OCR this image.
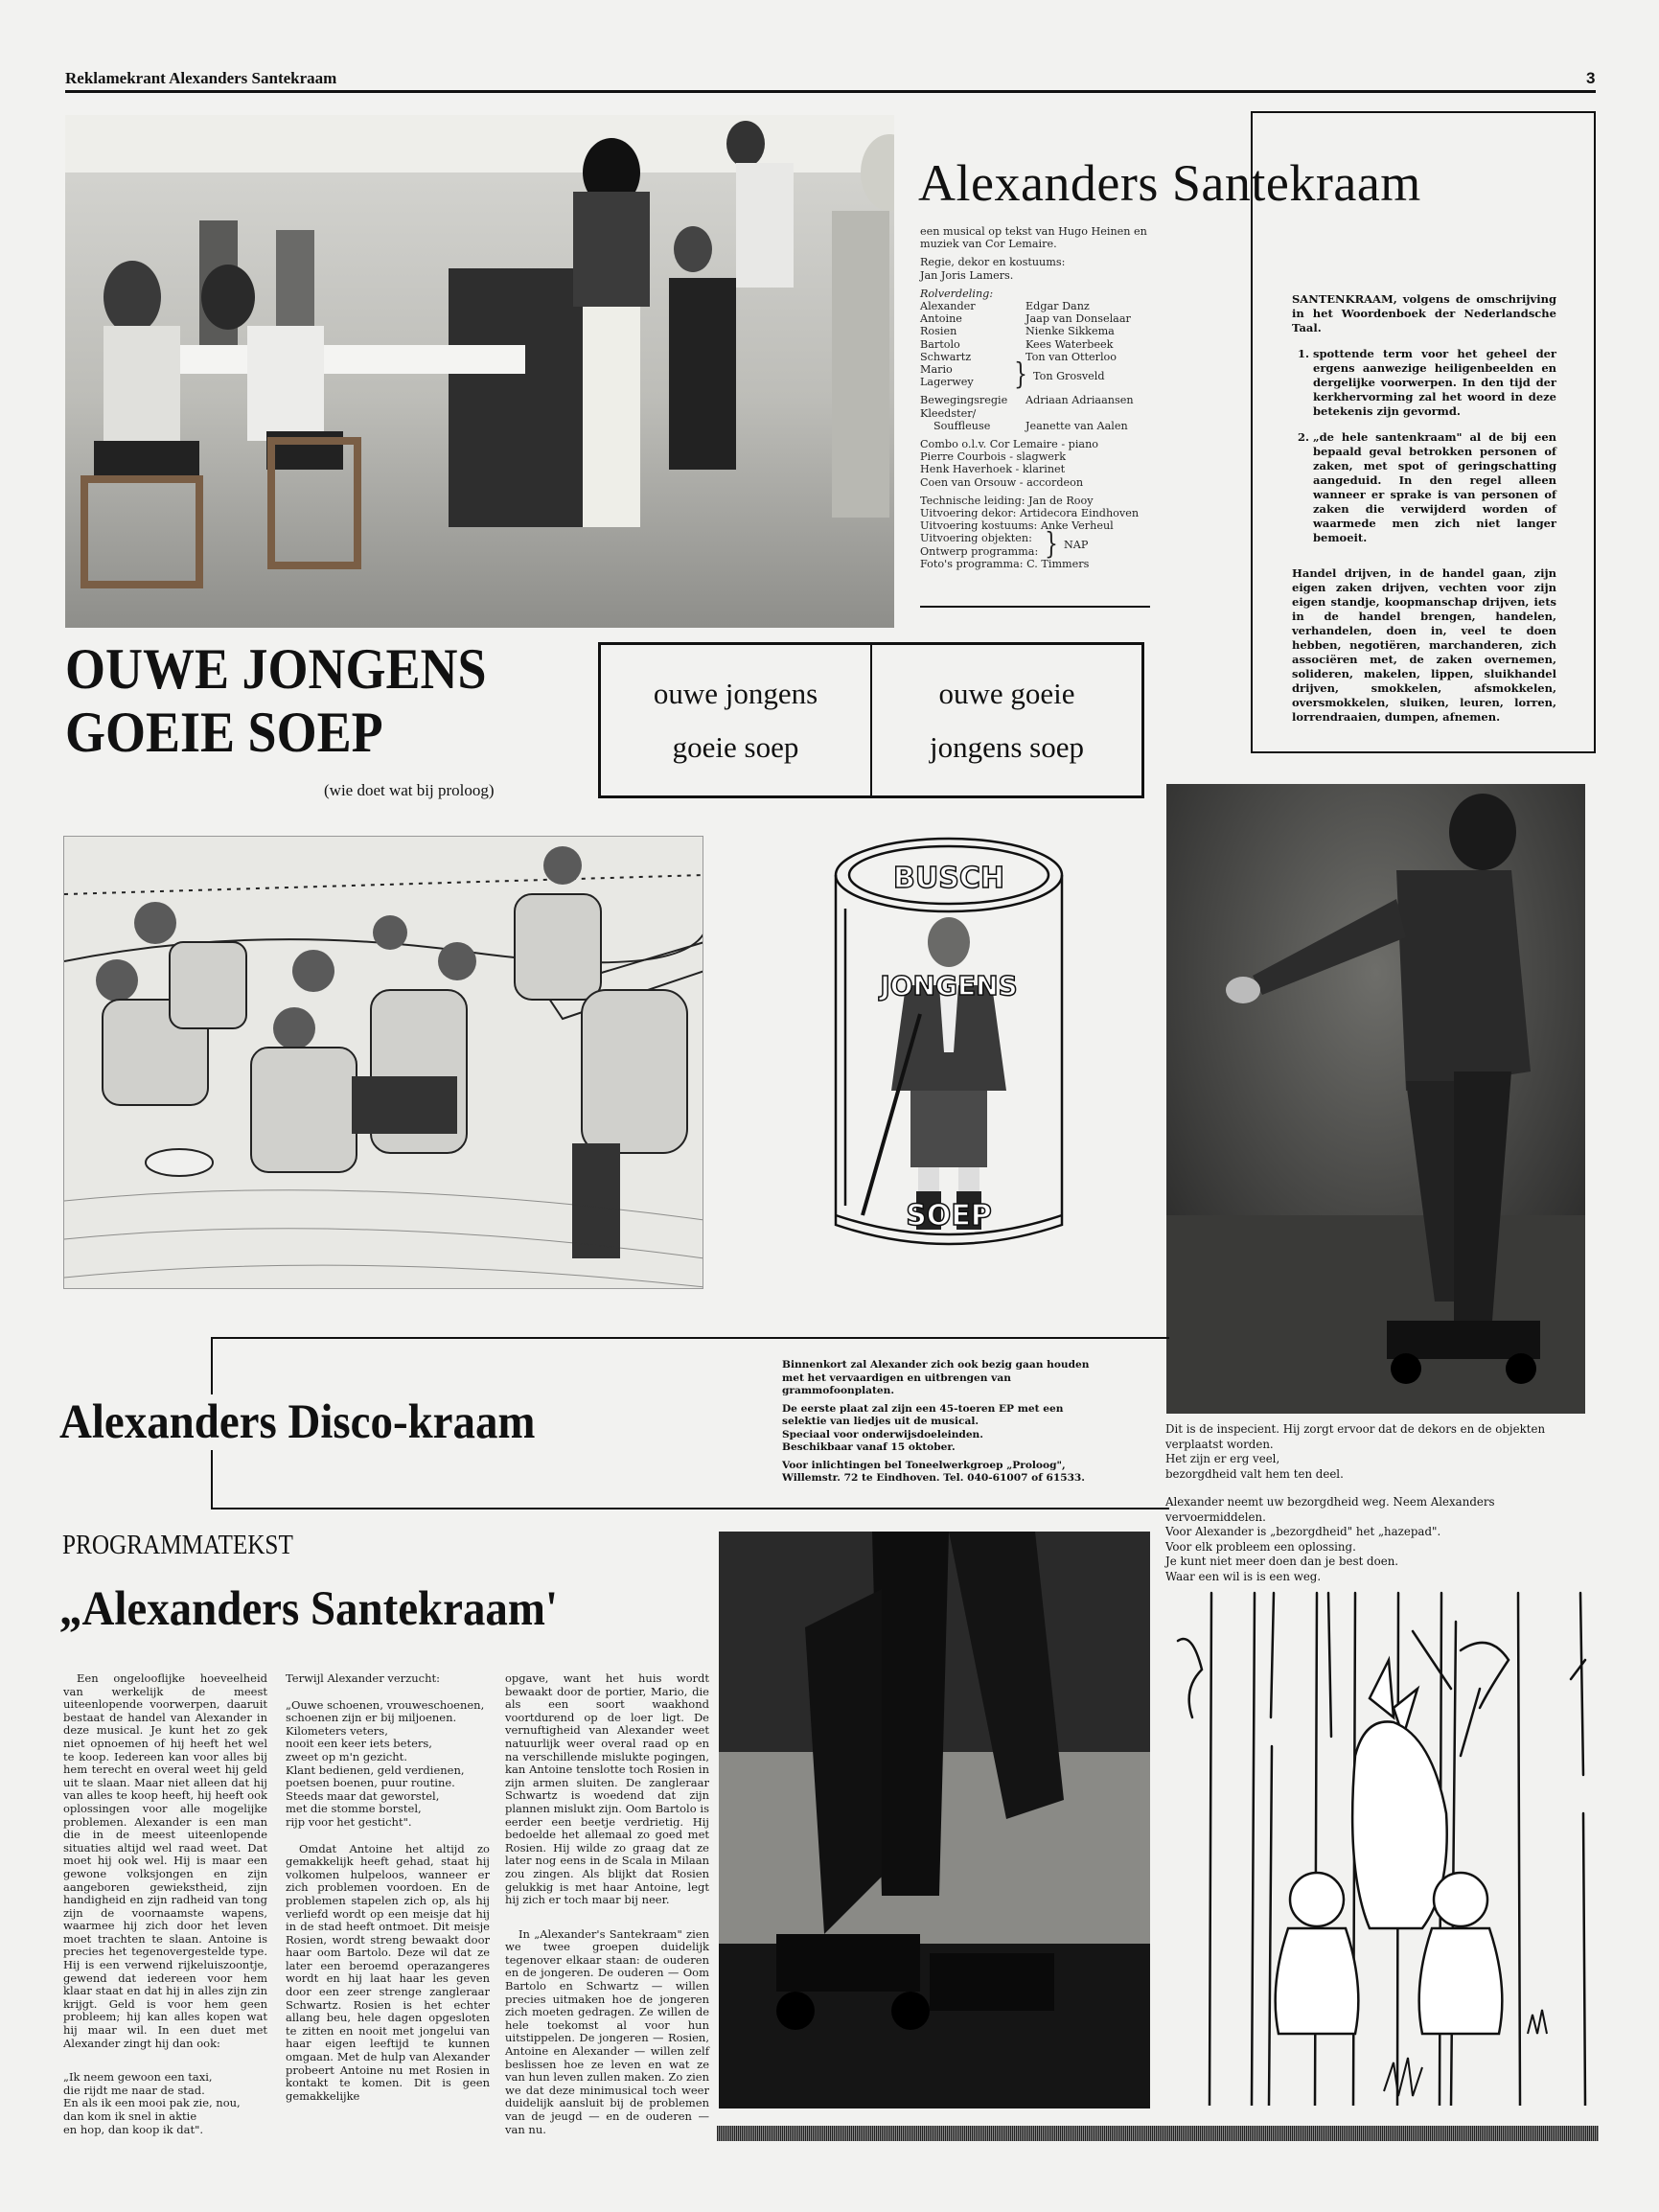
Reklamekrant Alexanders Santekraam	3
Alexanders Santekraam

een musical op tekst van Hugo Heinen en muziek van Cor Lemaire.

Regie, dekor en kostuums:
Jan Joris Lamers.

Rolverdeling:
Alexander	Edgar Danz
Antoine	Jaap van Donselaar
Rosien	Nienke Sikkema
Bartolo	Kees Waterbeek
Schwartz	Ton van Otterloo
Mario
Lagerwey	} Ton Grosveld

Bewegingsregie	Adriaan Adriaansen
Kleedster/
Souffleuse	Jeanette van Aalen

Combo o.l.v. Cor Lemaire - piano
Pierre Courbois - slagwerk
Henk Haverhoek - klarinet
Coen van Orsouw - accordeon

Technische leiding: Jan de Rooy
Uitvoering dekor: Artidecora Eindhoven
Uitvoering kostuums: Anke Verheul
Uitvoering objekten:
Ontwerp programma: } NAP
Foto's programma: C. Timmers

SANTENKRAAM, volgens de omschrijving in het Woordenboek der Nederlandsche Taal.

1. spottende term voor het geheel der ergens aanwezige heiligenbeelden en dergelijke voorwerpen. In den tijd der kerkhervorming zal het woord in deze betekenis zijn gevormd.
2. „de hele santenkraam" al de bij een bepaald geval betrokken personen of zaken, met spot of geringschatting aangeduid. In den regel alleen wanneer er sprake is van personen of zaken die verwijderd worden of waarmede men zich niet langer bemoeit.

Handel drijven, in de handel gaan, zijn eigen zaken drijven, vechten voor zijn eigen standje, koopmanschap drijven, iets in de handel brengen, handelen, verhandelen, doen in, veel te doen hebben, negotiëren, marchanderen, zich associëren met, de zaken overnemen, solideren, makelen, lippen, sluikhandel drijven, smokkelen, afsmokkelen, oversmokkelen, sluiken, leuren, lorren, lorrendraaien, dumpen, afnemen.

OUWE JONGENS
GOEIE SOEP
(wie doet wat bij proloog)
ouwe jongens
goeie soep
ouwe goeie
jongens soep
BUSCH
JONGENS
SOEP

Dit is de inspecient. Hij zorgt ervoor dat de dekors en de objekten verplaatst worden.
Het zijn er erg veel,
bezorgdheid valt hem ten deel.

Alexander neemt uw bezorgdheid weg. Neem Alexanders vervoermiddelen.
Voor Alexander is „bezorgdheid" het „hazepad".
Voor elk probleem een oplossing.
Je kunt niet meer doen dan je best doen.
Waar een wil is is een weg.

Alexanders Disco-kraam

Binnenkort zal Alexander zich ook bezig gaan houden met het vervaardigen en uitbrengen van grammofoonplaten.

De eerste plaat zal zijn een 45-toeren EP met een selektie van liedjes uit de musical.
Speciaal voor onderwijsdoeleinden.
Beschikbaar vanaf 15 oktober.

Voor inlichtingen bel Toneelwerkgroep „Proloog", Willemstr. 72 te Eindhoven. Tel. 040-61007 of 61533.

PROGRAMMATEKST
„Alexanders Santekraam'

Een ongelooflijke hoeveelheid van werkelijk de meest uiteenlopende voorwerpen, daaruit bestaat de handel van Alexander in deze musical. Je kunt het zo gek niet opnoemen of hij heeft het wel te koop. Iedereen kan voor alles bij hem terecht en overal weet hij geld uit te slaan. Maar niet alleen dat hij van alles te koop heeft, hij heeft ook oplossingen voor alle mogelijke problemen. Alexander is een man die in de meest uiteenlopende situaties altijd wel raad weet. Dat moet hij ook wel. Hij is maar een gewone volksjongen en zijn aangeboren gewiekstheid, zijn handigheid en zijn radheid van tong zijn de voornaamste wapens, waarmee hij zich door het leven moet trachten te slaan. Antoine is precies het tegenovergestelde type. Hij is een verwend rijkeluiszoontje, gewend dat iedereen voor hem klaar staat en dat hij in alles zijn zin krijgt. Geld is voor hem geen probleem; hij kan alles kopen wat hij maar wil. In een duet met Alexander zingt hij dan ook:

„Ik neem gewoon een taxi,
die rijdt me naar de stad.
En als ik een mooi pak zie, nou,
dan kom ik snel in aktie
en hop, dan koop ik dat".

Terwijl Alexander verzucht:

„Ouwe schoenen, vrouweschoenen,
schoenen zijn er bij miljoenen.
Kilometers veters,
nooit een keer iets beters,
zweet op m'n gezicht.
Klant bedienen, geld verdienen,
poetsen boenen, puur routine.
Steeds maar dat geworstel,
met die stomme borstel,
rijp voor het gesticht".

Omdat Antoine het altijd zo gemakkelijk heeft gehad, staat hij volkomen hulpeloos, wanneer er zich problemen voordoen. En de problemen stapelen zich op, als hij verliefd wordt op een meisje dat hij in de stad heeft ontmoet. Dit meisje Rosien, wordt streng bewaakt door haar oom Bartolo. Deze wil dat ze later een beroemd operazangeres wordt en hij laat haar les geven door een zeer strenge zangleraar Schwartz. Rosien is het echter allang beu, hele dagen opgesloten te zitten en nooit met jongelui van haar eigen leeftijd te kunnen omgaan. Met de hulp van Alexander probeert Antoine nu met Rosien in kontakt te komen. Dit is geen gemakkelijke

opgave, want het huis wordt bewaakt door de portier, Mario, die als een soort waakhond voortdurend op de loer ligt. De vernuftigheid van Alexander weet natuurlijk weer overal raad op en na verschillende mislukte pogingen, kan Antoine tenslotte toch Rosien in zijn armen sluiten. De zangleraar Schwartz is woedend dat zijn plannen mislukt zijn. Oom Bartolo is eerder een beetje verdrietig. Hij bedoelde het allemaal zo goed met Rosien. Hij wilde zo graag dat ze later nog eens in de Scala in Milaan zou zingen. Als blijkt dat Rosien gelukkig is met haar Antoine, legt hij zich er toch maar bij neer.

In „Alexander's Santekraam" zien we twee groepen duidelijk tegenover elkaar staan: de ouderen en de jongeren. De ouderen — Oom Bartolo en Schwartz — willen precies uitmaken hoe de jongeren zich moeten gedragen. Ze willen de hele toekomst al voor hun uitstippelen. De jongeren — Rosien, Antoine en Alexander — willen zelf beslissen hoe ze leven en wat ze van hun leven zullen maken. Zo zien we dat deze minimusical toch weer duidelijk aansluit bij de problemen van de jeugd — en de ouderen — van nu.
